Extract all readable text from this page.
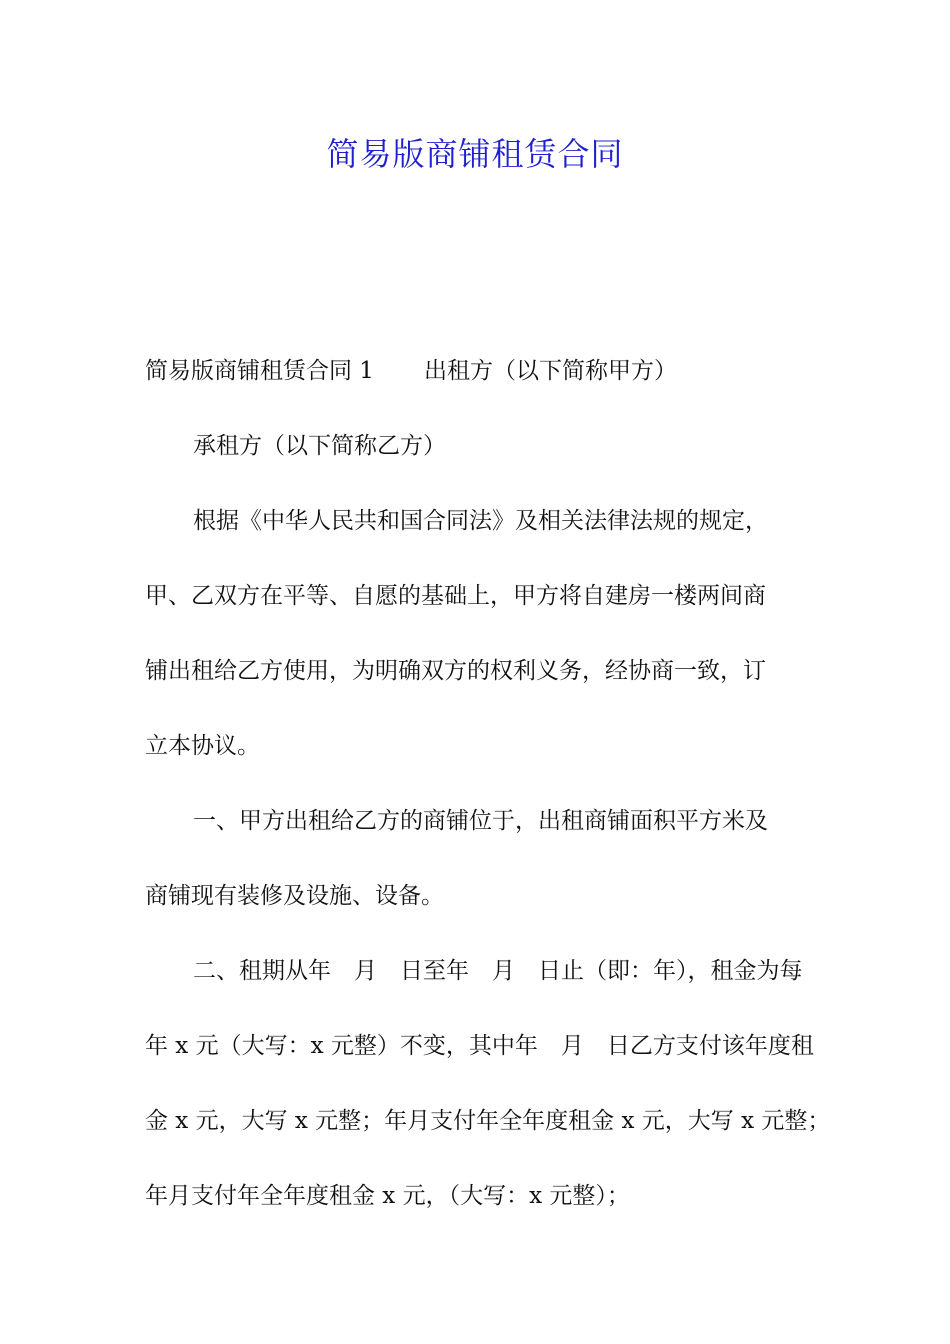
简易版商铺租赁合同
简易版商铺租赁合同 1 出租方（以下简称甲方）
承租方（以下简称乙方）
根据《中华人民共和国合同法》及相关法律法规的规定，
甲、乙双方在平等、自愿的基础上，甲方将自建房一楼两间商
铺出租给乙方使用，为明确双方的权利义务，经协商一致，订
立本协议。
一、甲方出租给乙方的商铺位于，出租商铺面积平方米及
商铺现有装修及设施、设备。
二、租期从年　月　日至年　月　日止（即：年），租金为每
年 x 元（大写：x 元整）不变，其中年　月　日乙方支付该年度租
金 x 元，大写 x 元整；年月支付年全年度租金 x 元，大写 x 元整；
年月支付年全年度租金 x 元，（大写：x 元整）；
